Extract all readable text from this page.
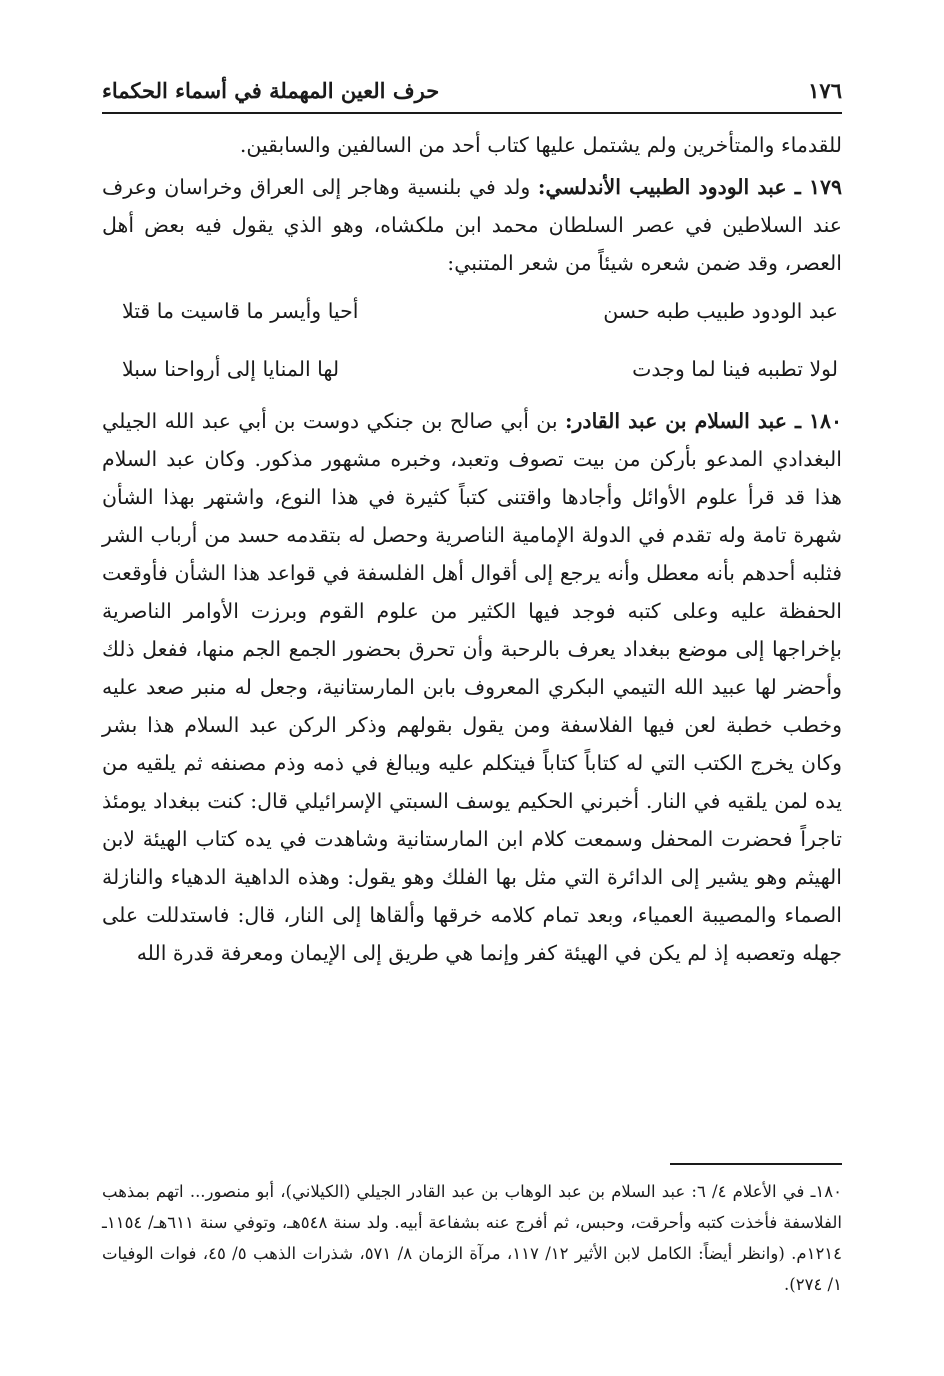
١٧٦
حرف العين المهملة في أسماء الحكماء

للقدماء والمتأخرين ولم يشتمل عليها كتاب أحد من السالفين والسابقين.

١٧٩ ـ عبد الودود الطبيب الأندلسي: ولد في بلنسية وهاجر إلى العراق وخراسان وعرف عند السلاطين في عصر السلطان محمد ابن ملكشاه، وهو الذي يقول فيه بعض أهل العصر، وقد ضمن شعره شيئاً من شعر المتنبي:

عبد الودود طبيب طبه حسن
أحيا وأيسر ما قاسيت ما قتلا
لولا تطببه فينا لما وجدت
لها المنايا إلى أرواحنا سبلا

١٨٠ ـ عبد السلام بن عبد القادر: بن أبي صالح بن جنكي دوست بن أبي عبد الله الجيلي البغدادي المدعو بأركن من بيت تصوف وتعبد، وخبره مشهور مذكور. وكان عبد السلام هذا قد قرأ علوم الأوائل وأجادها واقتنى كتباً كثيرة في هذا النوع، واشتهر بهذا الشأن شهرة تامة وله تقدم في الدولة الإمامية الناصرية وحصل له بتقدمه حسد من أرباب الشر فثلبه أحدهم بأنه معطل وأنه يرجع إلى أقوال أهل الفلسفة في قواعد هذا الشأن فأوقعت الحفظة عليه وعلى كتبه فوجد فيها الكثير من علوم القوم وبرزت الأوامر الناصرية بإخراجها إلى موضع ببغداد يعرف بالرحبة وأن تحرق بحضور الجمع الجم منها، ففعل ذلك وأحضر لها عبيد الله التيمي البكري المعروف بابن المارستانية، وجعل له منبر صعد عليه وخطب خطبة لعن فيها الفلاسفة ومن يقول بقولهم وذكر الركن عبد السلام هذا بشر وكان يخرج الكتب التي له كتاباً كتاباً فيتكلم عليه ويبالغ في ذمه وذم مصنفه ثم يلقيه من يده لمن يلقيه في النار. أخبرني الحكيم يوسف السبتي الإسرائيلي قال: كنت ببغداد يومئذ تاجراً فحضرت المحفل وسمعت كلام ابن المارستانية وشاهدت في يده كتاب الهيئة لابن الهيثم وهو يشير إلى الدائرة التي مثل بها الفلك وهو يقول: وهذه الداهية الدهياء والنازلة الصماء والمصيبة العمياء، وبعد تمام كلامه خرقها وألقاها إلى النار، قال: فاستدللت على جهله وتعصبه إذ لم يكن في الهيئة كفر وإنما هي طريق إلى الإيمان ومعرفة قدرة الله

١٨٠ـ في الأعلام ٤/ ٦: عبد السلام بن عبد الوهاب بن عبد القادر الجيلي (الكيلاني)، أبو منصور... اتهم بمذهب الفلاسفة فأخذت كتبه وأحرقت، وحبس، ثم أفرج عنه بشفاعة أبيه. ولد سنة ٥٤٨هـ، وتوفي سنة ٦١١هـ/ ١١٥٤ـ ١٢١٤م. (وانظر أيضاً: الكامل لابن الأثير ١٢/ ١١٧، مرآة الزمان ٨/ ٥٧١، شذرات الذهب ٥/ ٤٥، فوات الوفيات ١/ ٢٧٤).
